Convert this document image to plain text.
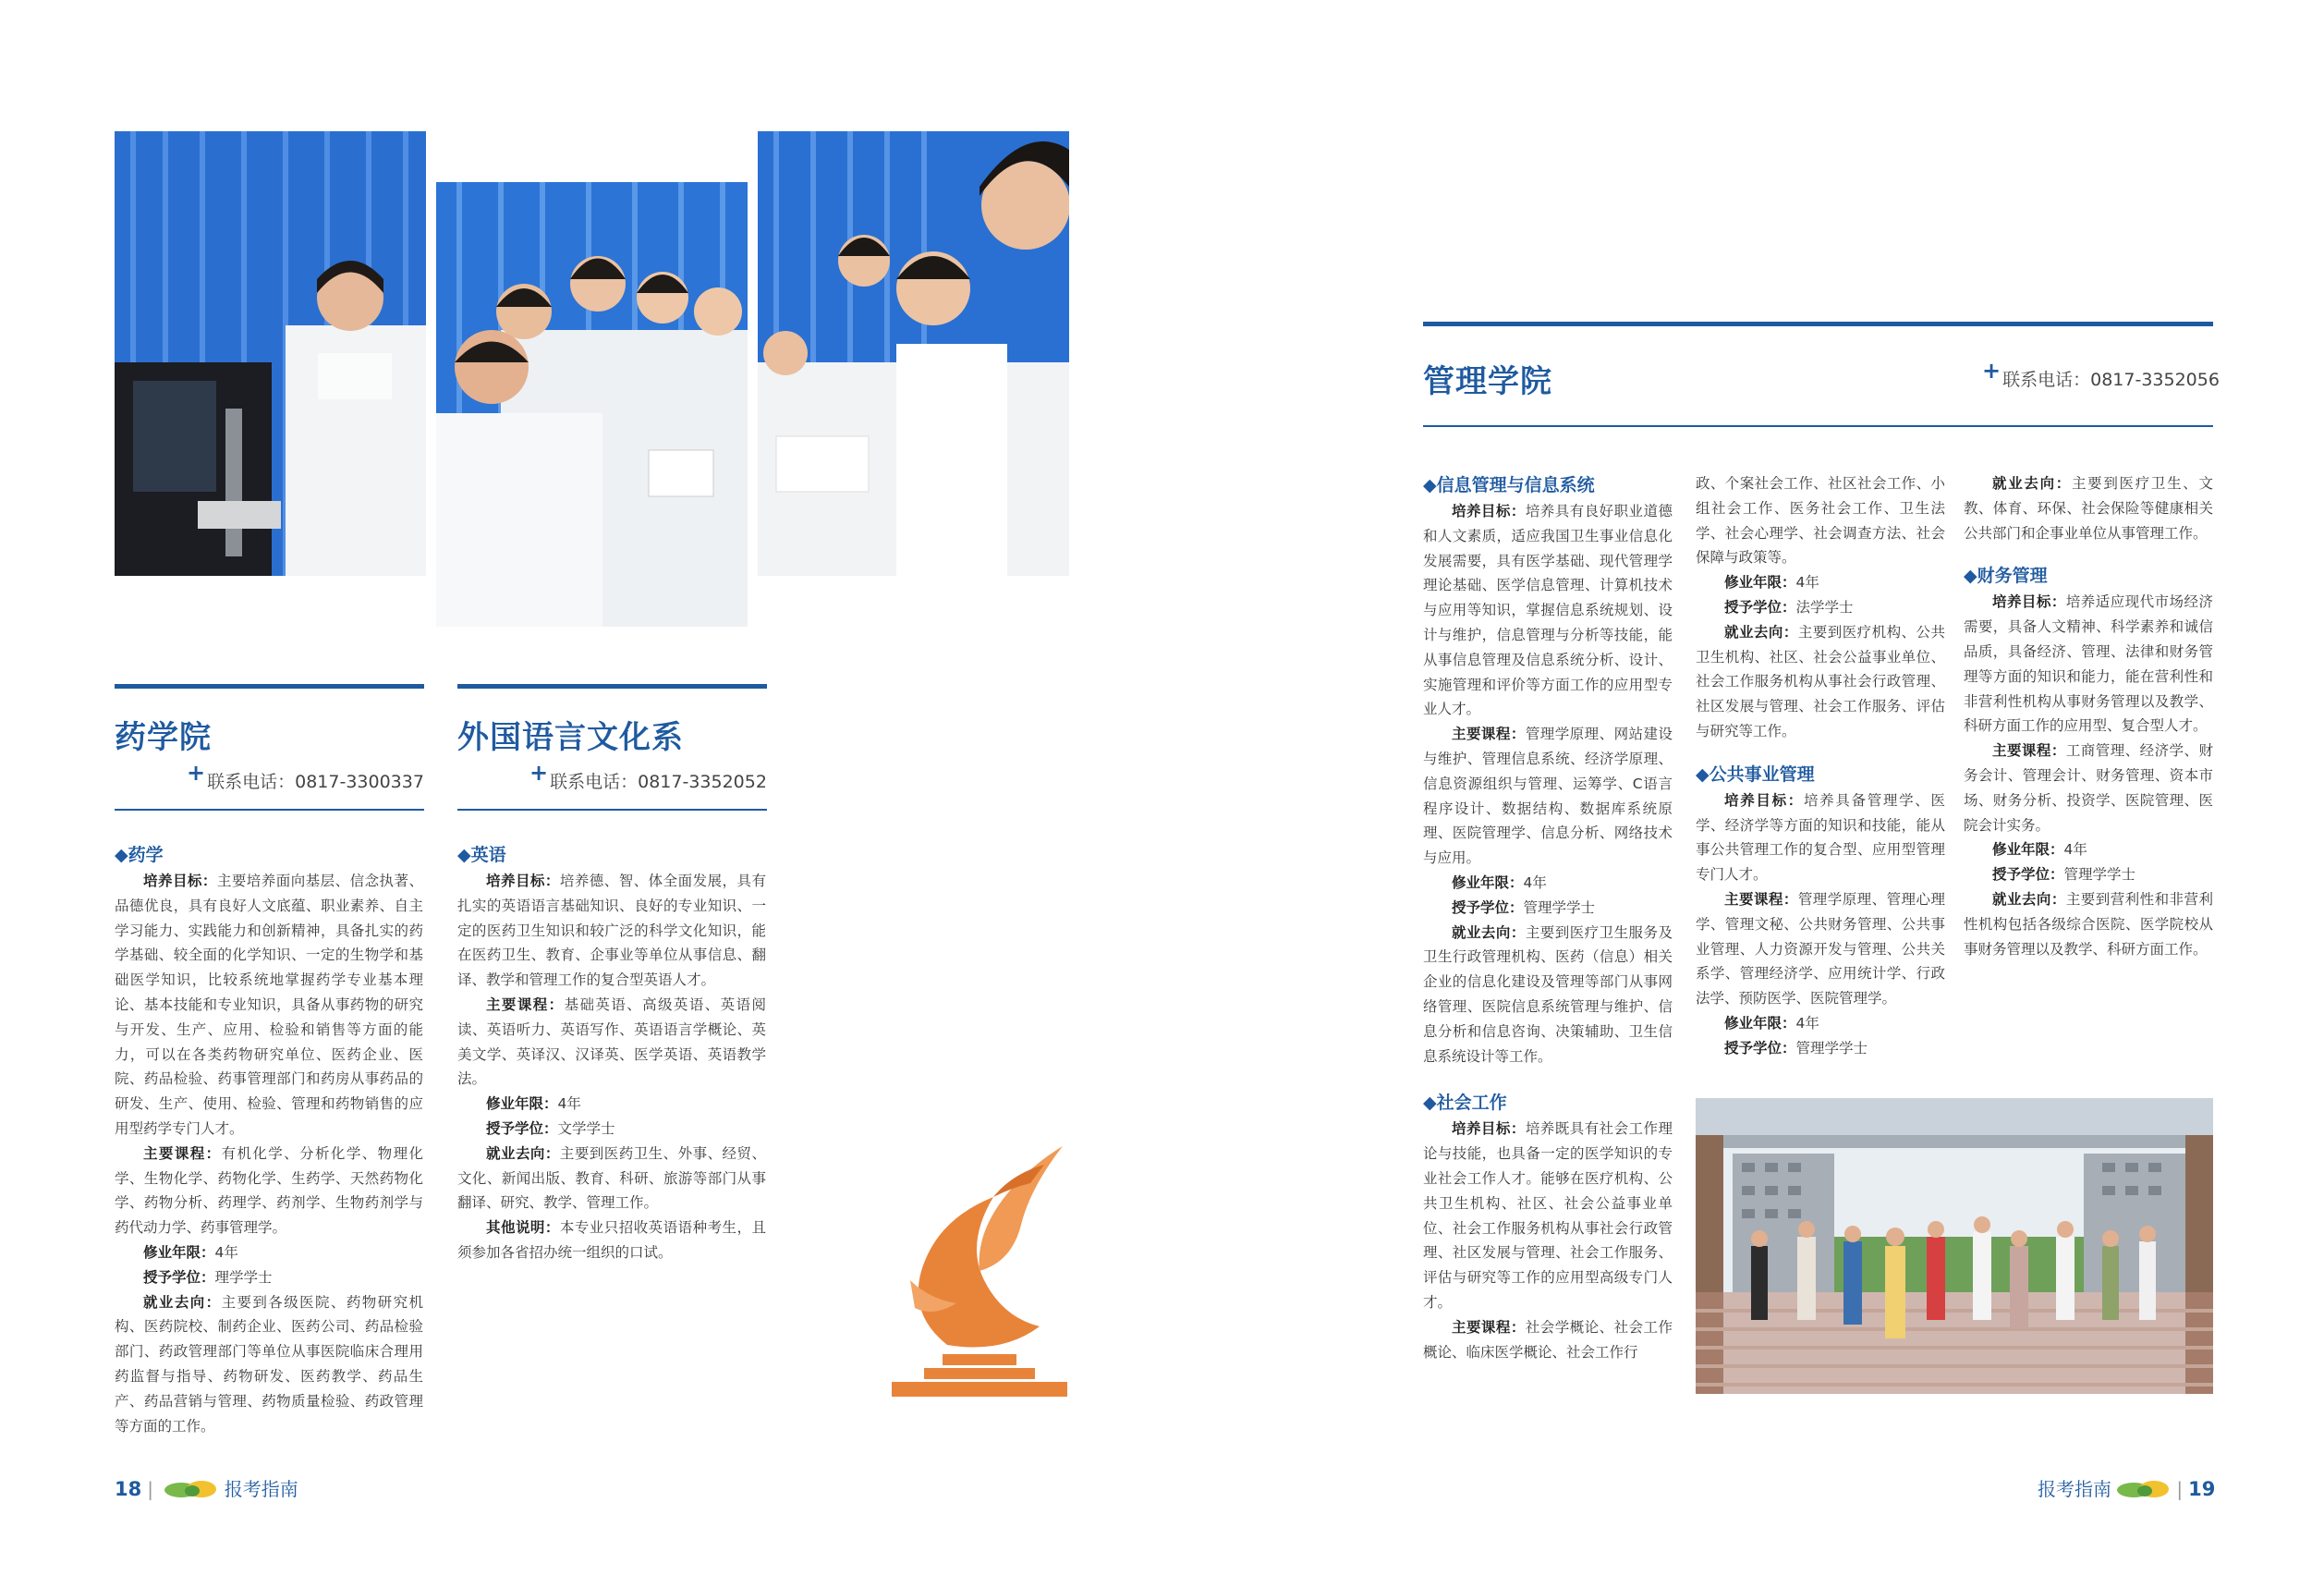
药学院
+ 联系电话：0817-3300337

◆药学

培养目标：主要培养面向基层、信念执著、品德优良，具有良好人文底蕴、职业素养、自主学习能力、实践能力和创新精神，具备扎实的药学基础、较全面的化学知识、一定的生物学和基础医学知识，比较系统地掌握药学专业基本理论、基本技能和专业知识，具备从事药物的研究与开发、生产、应用、检验和销售等方面的能力，可以在各类药物研究单位、医药企业、医院、药品检验、药事管理部门和药房从事药品的研发、生产、使用、检验、管理和药物销售的应用型药学专门人才。

主要课程：有机化学、分析化学、物理化学、生物化学、药物化学、生药学、天然药物化学、药物分析、药理学、药剂学、生物药剂学与药代动力学、药事管理学。

修业年限：4年

授予学位：理学学士

就业去向：主要到各级医院、药物研究机构、医药院校、制药企业、医药公司、药品检验部门、药政管理部门等单位从事医院临床合理用药监督与指导、药物研发、医药教学、药品生产、药品营销与管理、药物质量检验、药政管理等方面的工作。

外国语言文化系
+ 联系电话：0817-3352052

◆英语

培养目标：培养德、智、体全面发展，具有扎实的英语语言基础知识、良好的专业知识、一定的医药卫生知识和较广泛的科学文化知识，能在医药卫生、教育、企事业等单位从事信息、翻译、教学和管理工作的复合型英语人才。

主要课程：基础英语、高级英语、英语阅读、英语听力、英语写作、英语语言学概论、英美文学、英译汉、汉译英、医学英语、英语教学法。

修业年限：4年

授予学位：文学学士

就业去向：主要到医药卫生、外事、经贸、文化、新闻出版、教育、科研、旅游等部门从事翻译、研究、教学、管理工作。

其他说明：本专业只招收英语语种考生，且须参加各省招办统一组织的口试。

18 |	报考指南
管理学院	+ 联系电话：0817-3352056

◆信息管理与信息系统

培养目标：培养具有良好职业道德和人文素质，适应我国卫生事业信息化发展需要，具有医学基础、现代管理学理论基础、医学信息管理、计算机技术与应用等知识，掌握信息系统规划、设计与维护，信息管理与分析等技能，能从事信息管理及信息系统分析、设计、实施管理和评价等方面工作的应用型专业人才。

主要课程：管理学原理、网站建设与维护、管理信息系统、经济学原理、信息资源组织与管理、运筹学、C语言程序设计、数据结构、数据库系统原理、医院管理学、信息分析、网络技术与应用。

修业年限：4年

授予学位：管理学学士

就业去向：主要到医疗卫生服务及卫生行政管理机构、医药（信息）相关企业的信息化建设及管理等部门从事网络管理、医院信息系统管理与维护、信息分析和信息咨询、决策辅助、卫生信息系统设计等工作。

◆社会工作

培养目标：培养既具有社会工作理论与技能，也具备一定的医学知识的专业社会工作人才。能够在医疗机构、公共卫生机构、社区、社会公益事业单位、社会工作服务机构从事社会行政管理、社区发展与管理、社会工作服务、评估与研究等工作的应用型高级专门人才。

主要课程：社会学概论、社会工作概论、临床医学概论、社会工作行

政、个案社会工作、社区社会工作、小组社会工作、医务社会工作、卫生法学、社会心理学、社会调查方法、社会保障与政策等。

修业年限：4年

授予学位：法学学士

就业去向：主要到医疗机构、公共卫生机构、社区、社会公益事业单位、社会工作服务机构从事社会行政管理、社区发展与管理、社会工作服务、评估与研究等工作。

◆公共事业管理

培养目标：培养具备管理学、医学、经济学等方面的知识和技能，能从事公共管理工作的复合型、应用型管理专门人才。

主要课程：管理学原理、管理心理学、管理文秘、公共财务管理、公共事业管理、人力资源开发与管理、公共关系学、管理经济学、应用统计学、行政法学、预防医学、医院管理学。

修业年限：4年

授予学位：管理学学士

就业去向：主要到医疗卫生、文教、体育、环保、社会保险等健康相关公共部门和企事业单位从事管理工作。

◆财务管理

培养目标：培养适应现代市场经济需要，具备人文精神、科学素养和诚信品质，具备经济、管理、法律和财务管理等方面的知识和能力，能在营利性和非营利性机构从事财务管理以及教学、科研方面工作的应用型、复合型人才。

主要课程：工商管理、经济学、财务会计、管理会计、财务管理、资本市场、财务分析、投资学、医院管理、医院会计实务。

修业年限：4年

授予学位：管理学学士

就业去向：主要到营利性和非营利性机构包括各级综合医院、医学院校从事财务管理以及教学、科研方面工作。

报考指南	| 19
